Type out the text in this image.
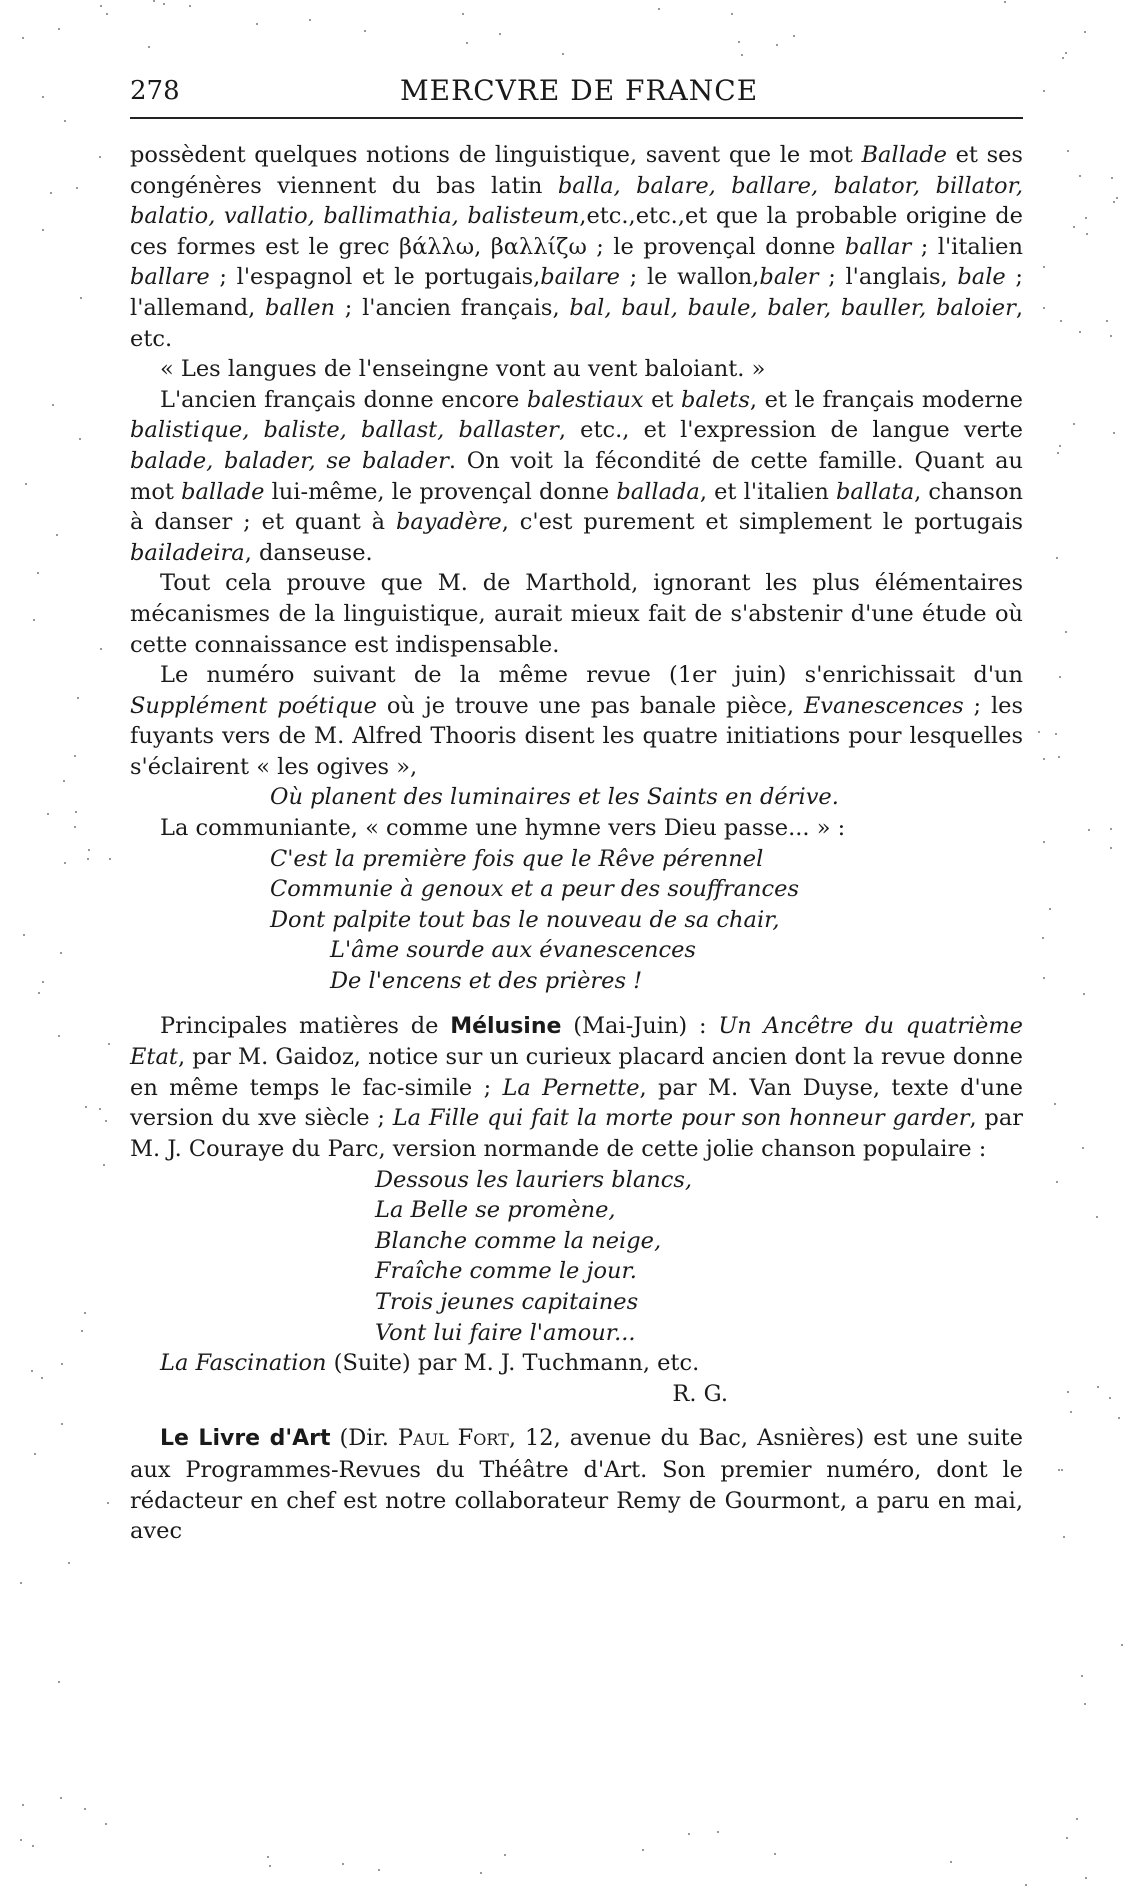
278	MERCVRE DE FRANCE

possèdent quelques notions de linguistique, savent que le mot Ballade et ses congénères viennent du bas latin balla, balare, ballare, balator, billator, balatio, vallatio, ballimathia, balisteum,etc.,etc.,et que la probable origine de ces formes est le grec βάλλω, βαλλίζω ; le provençal donne ballar ; l'italien ballare ; l'espagnol et le portugais,bailare ; le wallon,baler ; l'anglais, bale ; l'allemand, ballen ; l'ancien français, bal, baul, baule, baler, bauller, baloier, etc.

« Les langues de l'enseingne vont au vent baloiant. »

L'ancien français donne encore balestiaux et balets, et le français moderne balistique, baliste, ballast, ballaster, etc., et l'expression de langue verte balade, balader, se balader. On voit la fécondité de cette famille. Quant au mot ballade lui-même, le provençal donne ballada, et l'italien ballata, chanson à danser ; et quant à bayadère, c'est purement et simplement le portugais bailadeira, danseuse.

Tout cela prouve que M. de Marthold, ignorant les plus élémentaires mécanismes de la linguistique, aurait mieux fait de s'abstenir d'une étude où cette connaissance est indispensable.

Le numéro suivant de la même revue (1er juin) s'enrichissait d'un Supplément poétique où je trouve une pas banale pièce, Evanescences ; les fuyants vers de M. Alfred Thooris disent les quatre initiations pour lesquelles s'éclairent « les ogives »,

Où planent des luminaires et les Saints en dérive.

La communiante, « comme une hymne vers Dieu passe... » :

C'est la première fois que le Rêve pérennel
Communie à genoux et a peur des souffrances
Dont palpite tout bas le nouveau de sa chair,
L'âme sourde aux évanescences
De l'encens et des prières !

Principales matières de Mélusine (Mai-Juin) : Un Ancêtre du quatrième Etat, par M. Gaidoz, notice sur un curieux placard ancien dont la revue donne en même temps le fac-simile ; La Pernette, par M. Van Duyse, texte d'une version du xve siècle ; La Fille qui fait la morte pour son honneur garder, par M. J. Couraye du Parc, version normande de cette jolie chanson populaire :

Dessous les lauriers blancs,
La Belle se promène,
Blanche comme la neige,
Fraîche comme le jour.
Trois jeunes capitaines
Vont lui faire l'amour...

La Fascination (Suite) par M. J. Tuchmann, etc.

R. G.

Le Livre d'Art (Dir. Paul Fort, 12, avenue du Bac, Asnières) est une suite aux Programmes-Revues du Théâtre d'Art. Son premier numéro, dont le rédacteur en chef est notre collaborateur Remy de Gourmont, a paru en mai, avec
